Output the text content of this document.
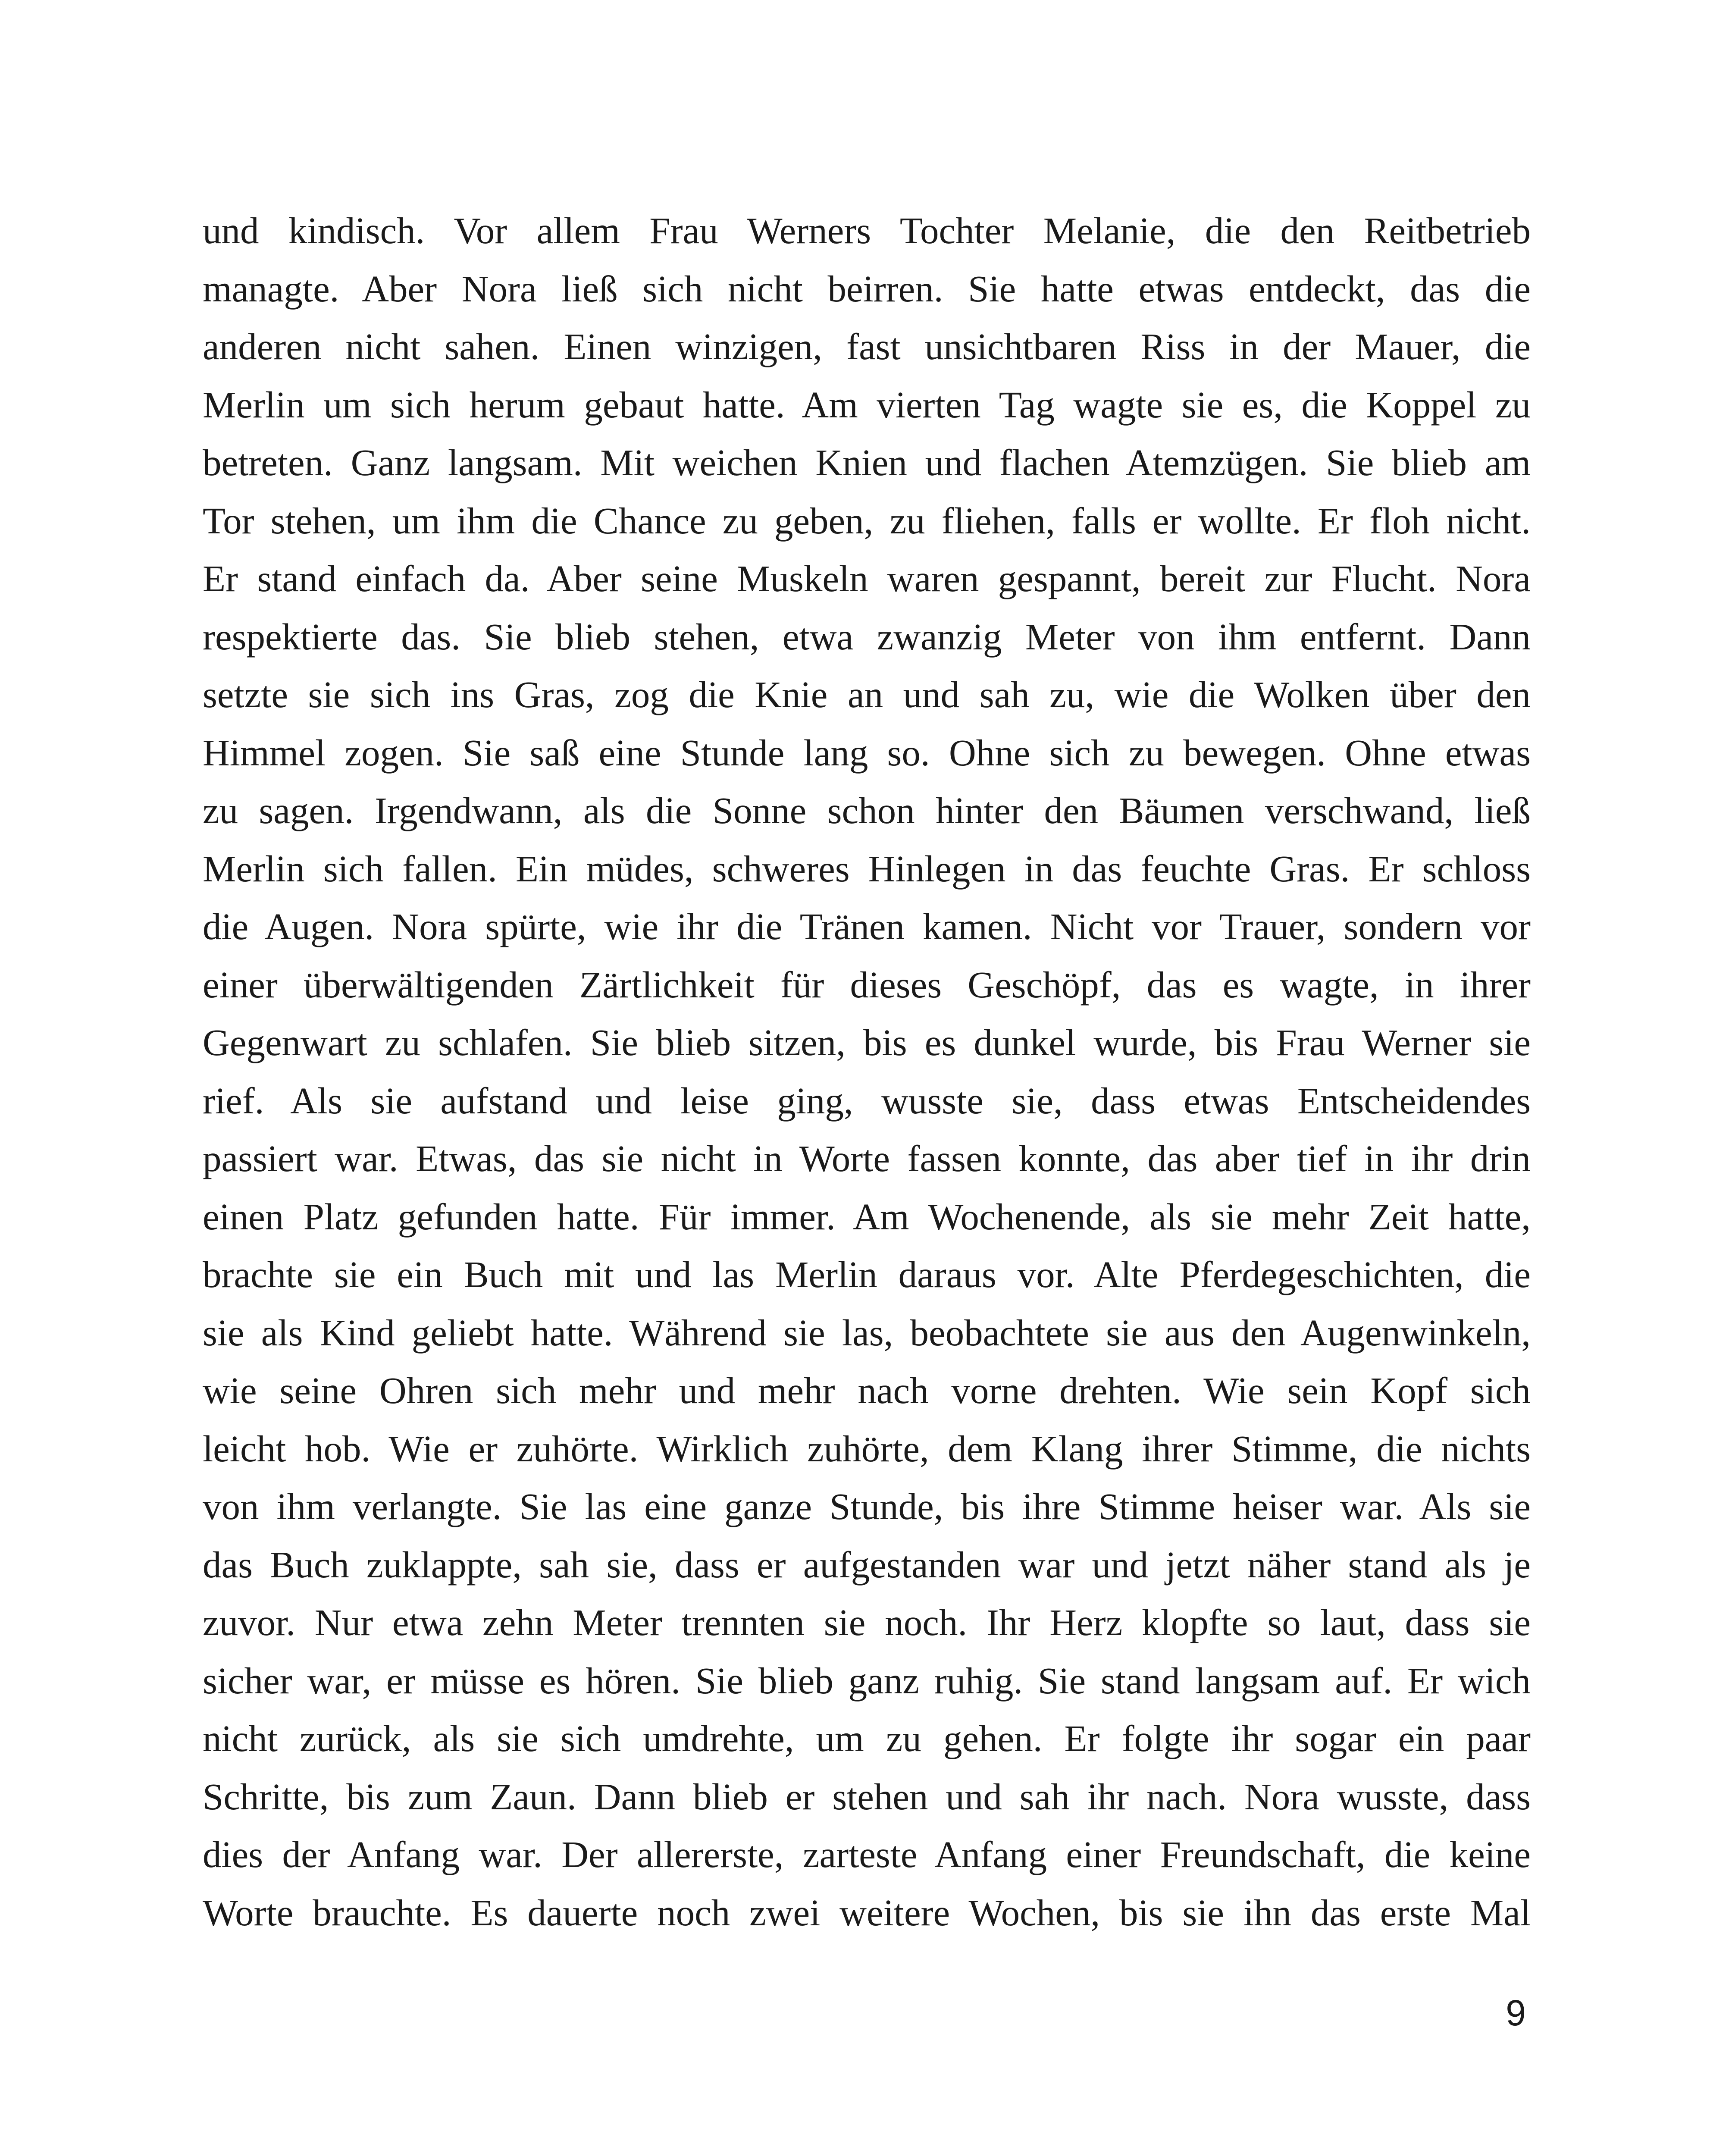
und kindisch. Vor allem Frau Werners Tochter Melanie, die den Reitbetrieb
managte. Aber Nora ließ sich nicht beirren. Sie hatte etwas entdeckt, das die
anderen nicht sahen. Einen winzigen, fast unsichtbaren Riss in der Mauer, die
Merlin um sich herum gebaut hatte. Am vierten Tag wagte sie es, die Koppel zu
betreten. Ganz langsam. Mit weichen Knien und flachen Atemzügen. Sie blieb am
Tor stehen, um ihm die Chance zu geben, zu fliehen, falls er wollte. Er floh nicht.
Er stand einfach da. Aber seine Muskeln waren gespannt, bereit zur Flucht. Nora
respektierte das. Sie blieb stehen, etwa zwanzig Meter von ihm entfernt. Dann
setzte sie sich ins Gras, zog die Knie an und sah zu, wie die Wolken über den
Himmel zogen. Sie saß eine Stunde lang so. Ohne sich zu bewegen. Ohne etwas
zu sagen. Irgendwann, als die Sonne schon hinter den Bäumen verschwand, ließ
Merlin sich fallen. Ein müdes, schweres Hinlegen in das feuchte Gras. Er schloss
die Augen. Nora spürte, wie ihr die Tränen kamen. Nicht vor Trauer, sondern vor
einer überwältigenden Zärtlichkeit für dieses Geschöpf, das es wagte, in ihrer
Gegenwart zu schlafen. Sie blieb sitzen, bis es dunkel wurde, bis Frau Werner sie
rief. Als sie aufstand und leise ging, wusste sie, dass etwas Entscheidendes
passiert war. Etwas, das sie nicht in Worte fassen konnte, das aber tief in ihr drin
einen Platz gefunden hatte. Für immer. Am Wochenende, als sie mehr Zeit hatte,
brachte sie ein Buch mit und las Merlin daraus vor. Alte Pferdegeschichten, die
sie als Kind geliebt hatte. Während sie las, beobachtete sie aus den Augenwinkeln,
wie seine Ohren sich mehr und mehr nach vorne drehten. Wie sein Kopf sich
leicht hob. Wie er zuhörte. Wirklich zuhörte, dem Klang ihrer Stimme, die nichts
von ihm verlangte. Sie las eine ganze Stunde, bis ihre Stimme heiser war. Als sie
das Buch zuklappte, sah sie, dass er aufgestanden war und jetzt näher stand als je
zuvor. Nur etwa zehn Meter trennten sie noch. Ihr Herz klopfte so laut, dass sie
sicher war, er müsse es hören. Sie blieb ganz ruhig. Sie stand langsam auf. Er wich
nicht zurück, als sie sich umdrehte, um zu gehen. Er folgte ihr sogar ein paar
Schritte, bis zum Zaun. Dann blieb er stehen und sah ihr nach. Nora wusste, dass
dies der Anfang war. Der allererste, zarteste Anfang einer Freundschaft, die keine
Worte brauchte. Es dauerte noch zwei weitere Wochen, bis sie ihn das erste Mal
9
